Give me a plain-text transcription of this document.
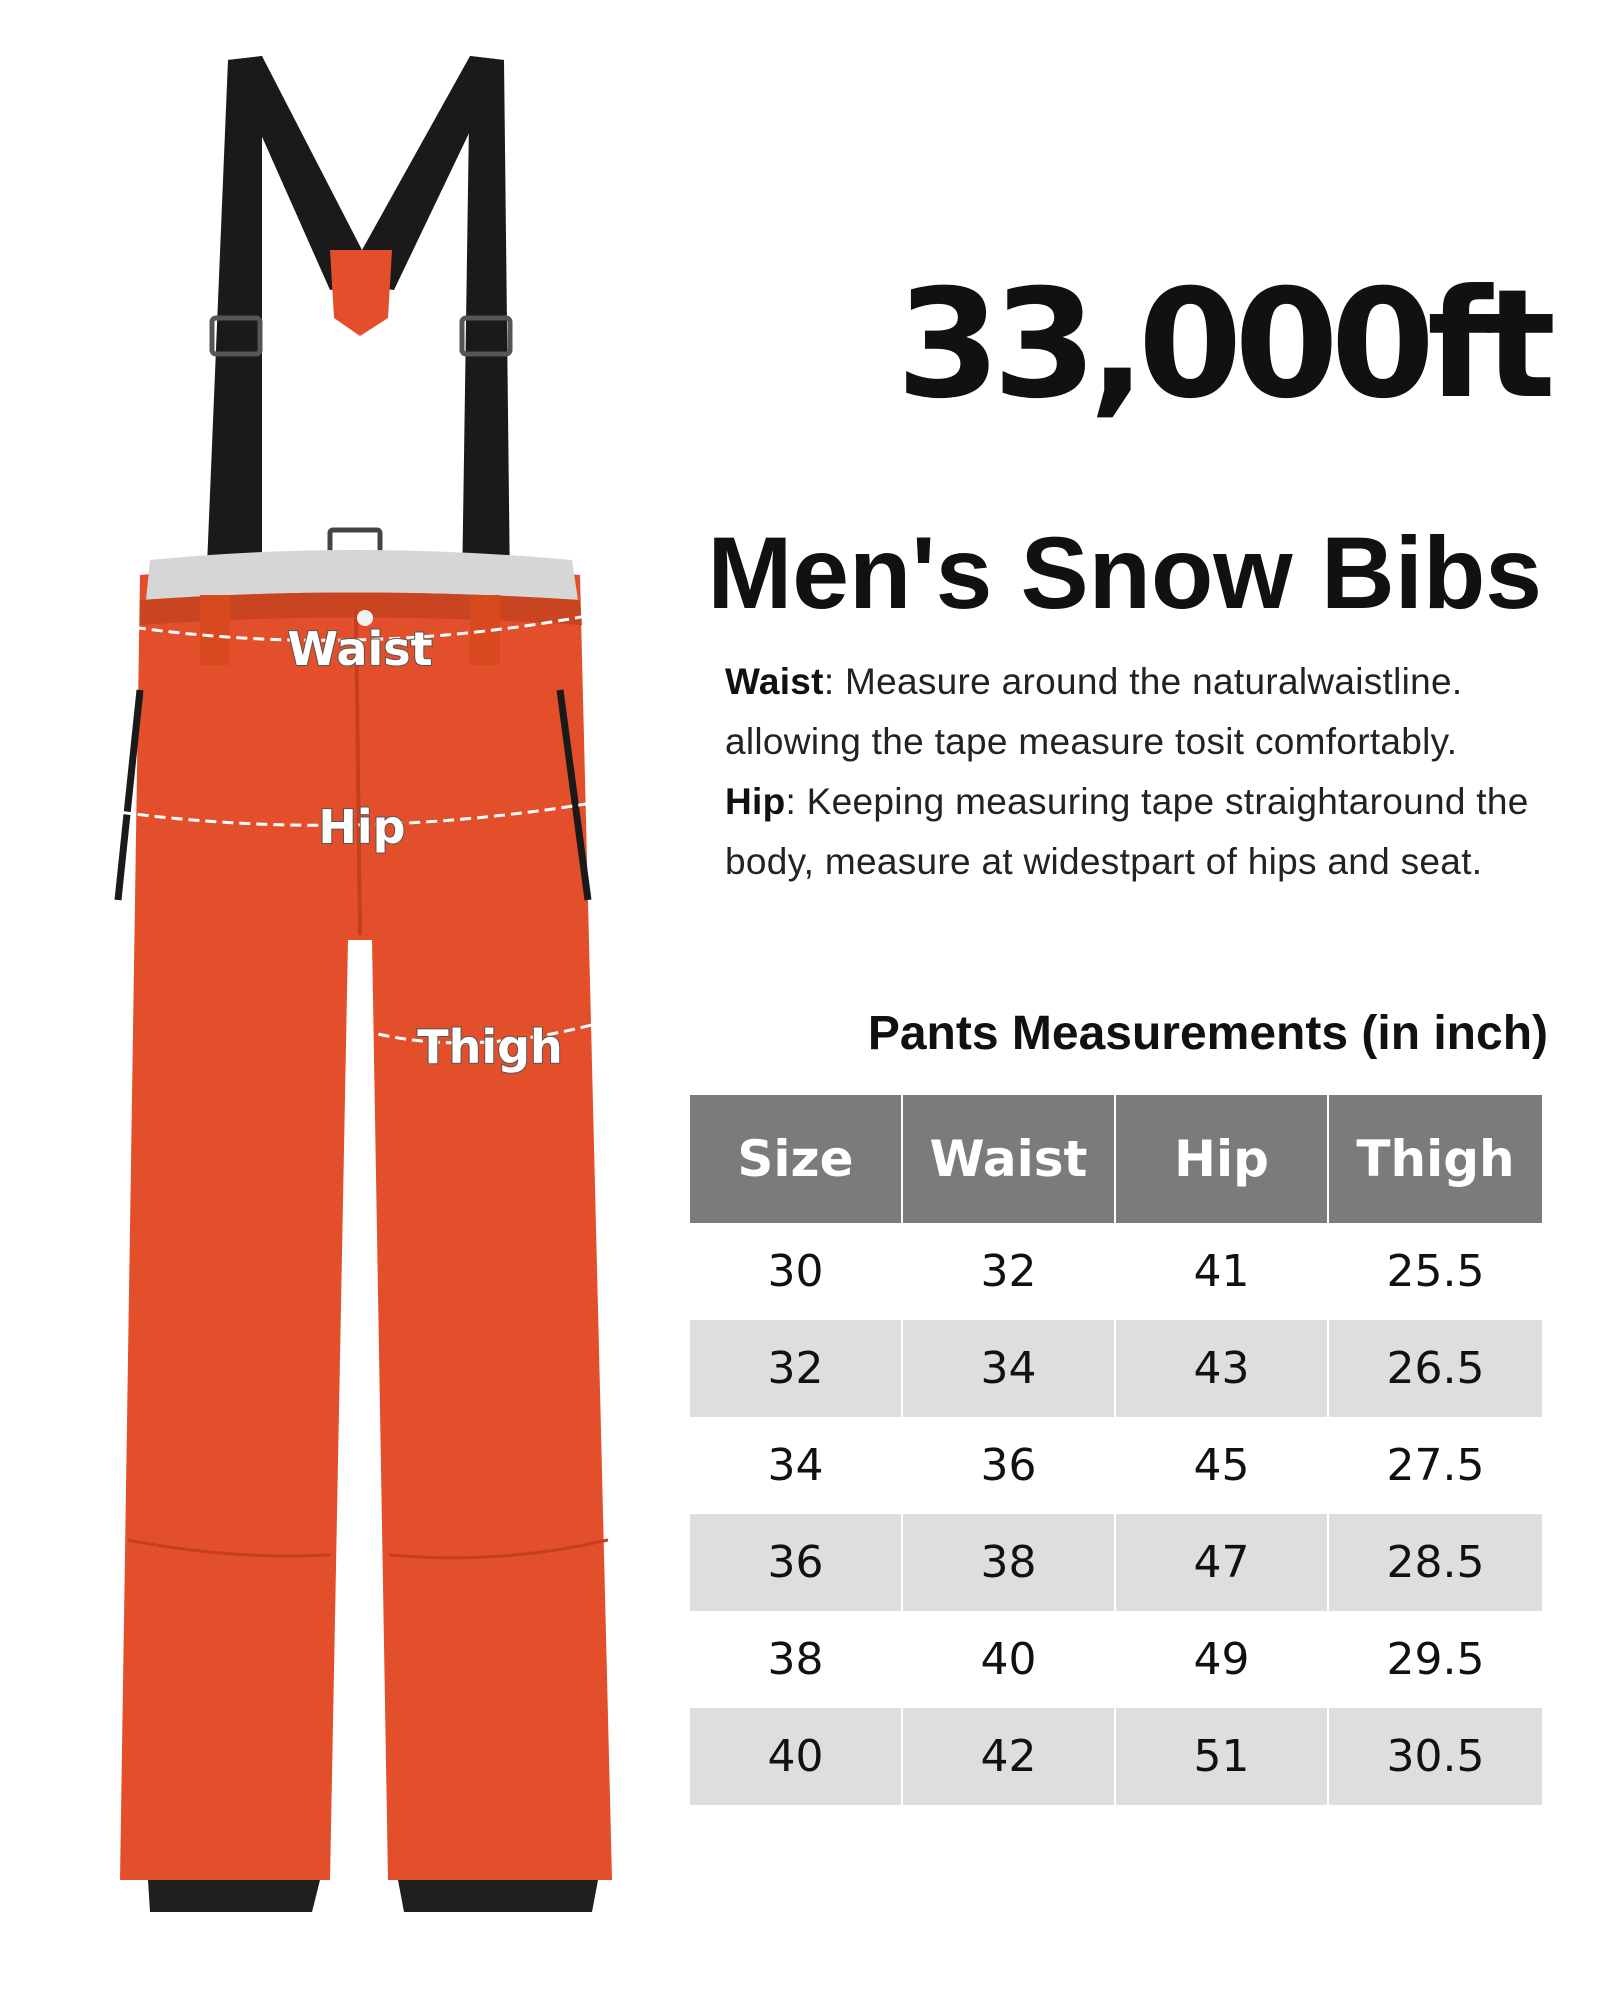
Waist
Hip
Thigh
33,000ft
Men's Snow Bibs

Waist: Measure around the naturalwaistline. allowing the tape measure tosit comfortably.

Hip: Keeping measuring tape straightaround the body, measure at widestpart of hips and seat.

Pants Measurements (in inch)
Size	Waist	Hip	Thigh
30	32	41	25.5
32	34	43	26.5
34	36	45	27.5
36	38	47	28.5
38	40	49	29.5
40	42	51	30.5
